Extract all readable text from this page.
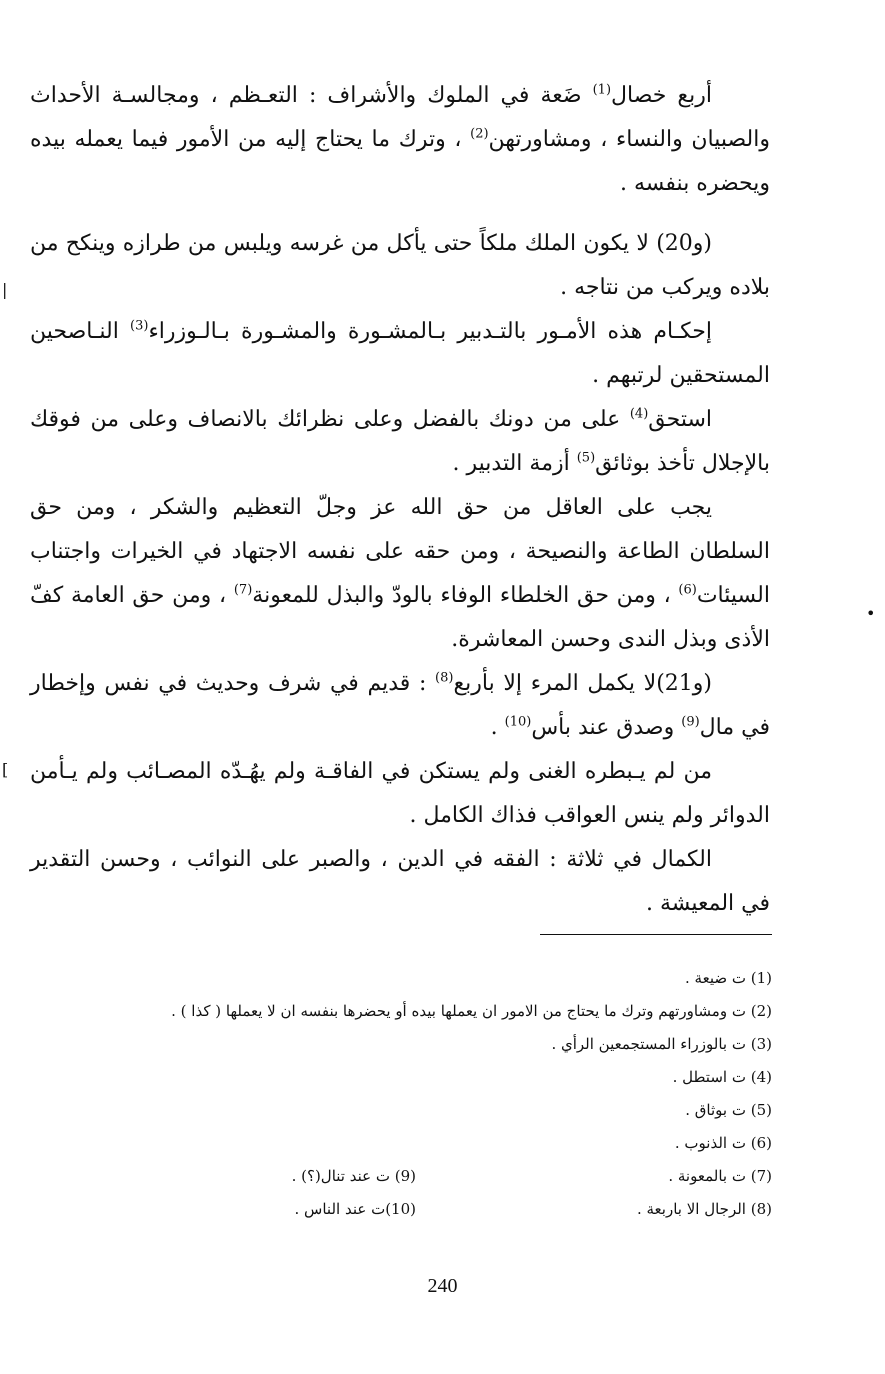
أربع خصال$^{(1)}$ ضَعة في الملوك والأشراف : التعـظم ، ومجالسـة الأحداث والصبيان والنساء ، ومشاورتهن$^{(2)}$ ، وترك ما يحتاج إليه من الأمور فيما يعمله بيده ويحضره بنفسه .

(و20) لا يكون الملك ملكاً حتى يأكل من غرسه ويلبس من طرازه وينكح من بلاده ويركب من نتاجه .

إحكـام هذه الأمـور بالتـدبير بـالمشـورة والمشـورة بـالـوزراء$^{(3)}$ النـاصحين المستحقين لرتبهم .

استحق$^{(4)}$ على من دونك بالفضل وعلى نظرائك بالانصاف وعلى من فوقك بالإجلال تأخذ بوثائق$^{(5)}$ أزمة التدبير .

يجب على العاقل من حق الله عز وجلّ التعظيم والشكر ، ومن حق السلطان الطاعة والنصيحة ، ومن حقه على نفسه الاجتهاد في الخيرات واجتناب السيئات$^{(6)}$ ، ومن حق الخلطاء الوفاء بالودّ والبذل للمعونة$^{(7)}$ ، ومن حق العامة كفّ الأذى وبذل الندى وحسن المعاشرة.

(و21)لا يكمل المرء إلا بأربع$^{(8)}$ : قديم في شرف وحديث في نفس وإخطار في مال$^{(9)}$ وصدق عند بأس$^{(10)}$ .

من لم يـبطره الغنى ولم يستكن في الفاقـة ولم يهُـدّه المصـائب ولم يـأمن الدوائر ولم ينس العواقب فذاك الكامل .

الكمال في ثلاثة : الفقه في الدين ، والصبر على النوائب ، وحسن التقدير في المعيشة .

(1) ت ضيعة .

(2) ت ومشاورتهم وترك ما يحتاج من الامور ان يعملها بيده أو يحضرها بنفسه ان لا يعملها ( كذا ) .

(3) ت بالوزراء المستجمعين الرأي .

(4) ت استطل .

(5) ت بوثاق .

(6) ت الذنوب .

(7) ت بالمعونة .

(9) ت عند تنال(؟) .

(8) الرجال الا باربعة .

(10)ت عند الناس .

240
|
•
[
